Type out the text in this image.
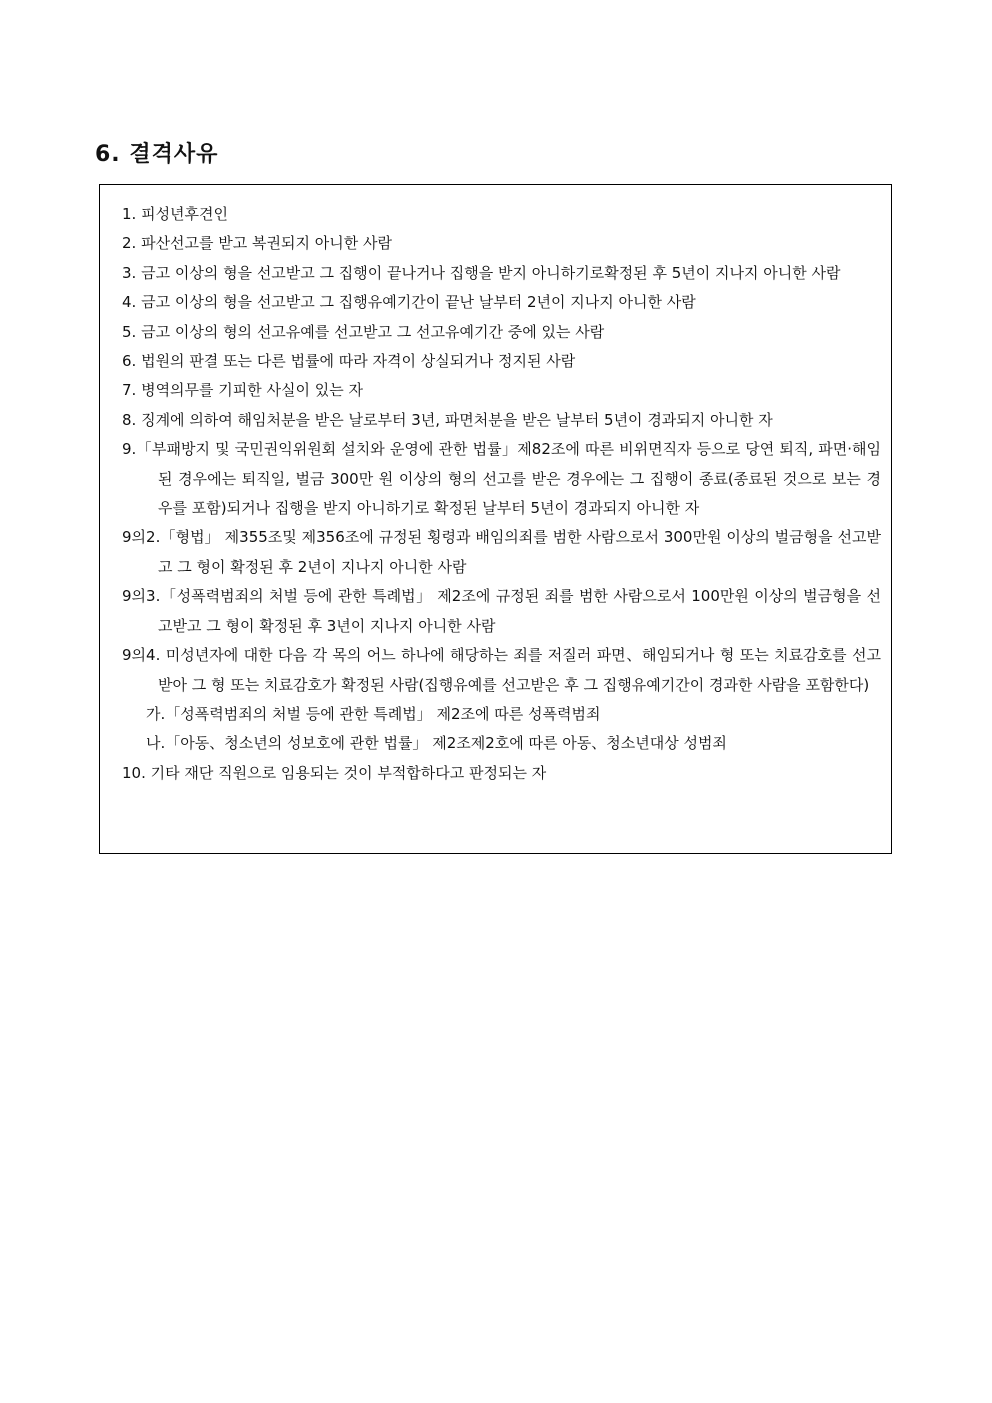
6. 결격사유
1. 피성년후견인
2. 파산선고를 받고 복권되지 아니한 사람
3. 금고 이상의 형을 선고받고 그 집행이 끝나거나 집행을 받지 아니하기로확정된 후 5년이 지나지 아니한 사람
4. 금고 이상의 형을 선고받고 그 집행유예기간이 끝난 날부터 2년이 지나지 아니한 사람
5. 금고 이상의 형의 선고유예를 선고받고 그 선고유예기간 중에 있는 사람
6. 법원의 판결 또는 다른 법률에 따라 자격이 상실되거나 정지된 사람
7. 병역의무를 기피한 사실이 있는 자
8. 징계에 의하여 해임처분을 받은 날로부터 3년, 파면처분을 받은 날부터 5년이 경과되지 아니한 자
9.「부패방지 및 국민권익위원회 설치와 운영에 관한 법률」제82조에 따른 비위면직자 등으로 당연 퇴직, 파면·해임된 경우에는 퇴직일, 벌금 300만 원 이상의 형의 선고를 받은 경우에는 그 집행이 종료(종료된 것으로 보는 경우를 포함)되거나 집행을 받지 아니하기로 확정된 날부터 5년이 경과되지 아니한 자
9의2.「형법」 제355조및 제356조에 규정된 횡령과 배임의죄를 범한 사람으로서 300만원 이상의 벌금형을 선고받고 그 형이 확정된 후 2년이 지나지 아니한 사람
9의3.「성폭력범죄의 처벌 등에 관한 특례법」 제2조에 규정된 죄를 범한 사람으로서 100만원 이상의 벌금형을 선고받고 그 형이 확정된 후 3년이 지나지 아니한 사람
9의4. 미성년자에 대한 다음 각 목의 어느 하나에 해당하는 죄를 저질러 파면、해임되거나 형 또는 치료감호를 선고받아 그 형 또는 치료감호가 확정된 사람(집행유예를 선고받은 후 그 집행유예기간이 경과한 사람을 포함한다)
가.「성폭력범죄의 처벌 등에 관한 특례법」 제2조에 따른 성폭력범죄
나.「아동、청소년의 성보호에 관한 법률」 제2조제2호에 따른 아동、청소년대상 성범죄
10. 기타 재단 직원으로 임용되는 것이 부적합하다고 판정되는 자
